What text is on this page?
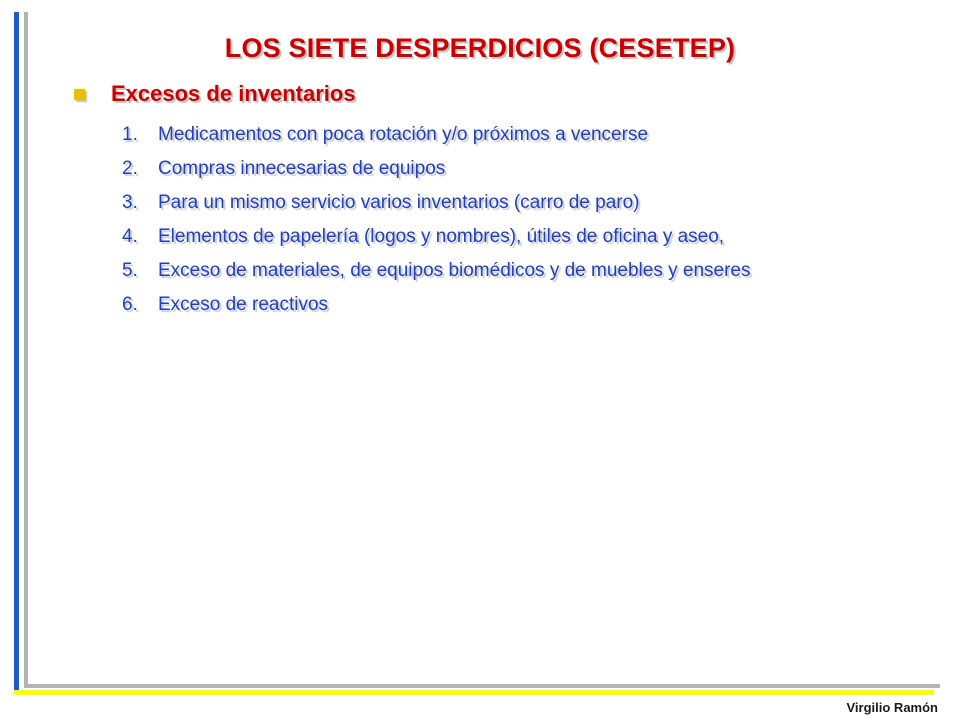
LOS SIETE DESPERDICIOS (CESETEP)
Excesos de inventarios
1.	Medicamentos con poca rotación y/o próximos a vencerse
2.	Compras innecesarias de equipos
3.	Para un mismo servicio varios inventarios (carro de paro)
4.	Elementos de papelería (logos y nombres), útiles de oficina y aseo,
5.	Exceso de materiales, de equipos biomédicos y de muebles y enseres
6.	Exceso de reactivos
Virgilio Ramón
